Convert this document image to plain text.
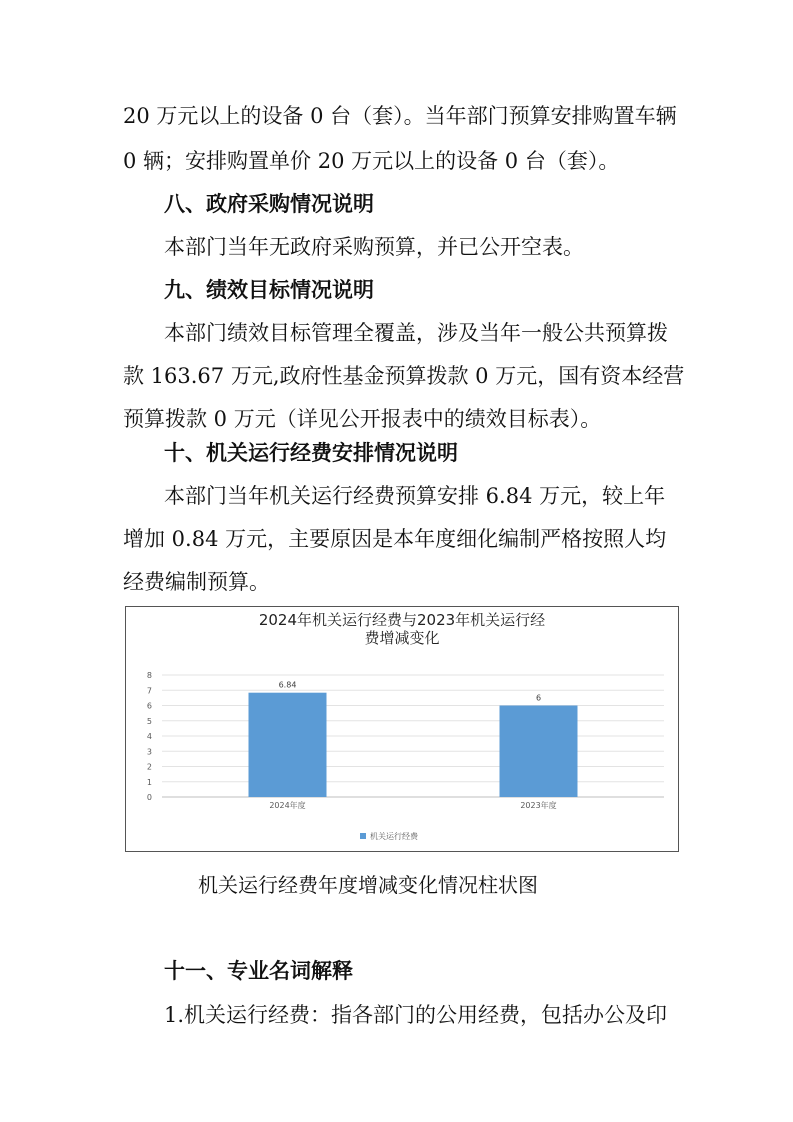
20 万元以上的设备 0 台（套）。当年部门预算安排购置车辆
0 辆；安排购置单价 20 万元以上的设备 0 台（套）。
八、政府采购情况说明
本部门当年无政府采购预算，并已公开空表。
九、绩效目标情况说明
本部门绩效目标管理全覆盖，涉及当年一般公共预算拨
款 163.67 万元,政府性基金预算拨款 0 万元，国有资本经营
预算拨款 0 万元（详见公开报表中的绩效目标表）。
十、机关运行经费安排情况说明
本部门当年机关运行经费预算安排 6.84 万元，较上年
增加 0.84 万元，主要原因是本年度细化编制严格按照人均
经费编制预算。
2024年机关运行经费与2023年机关运行经
费增减变化
0
1
2
3
4
5
6
7
8
6.84
2024年度
6
2023年度
机关运行经费
机关运行经费年度增减变化情况柱状图
十一、专业名词解释
1.机关运行经费：指各部门的公用经费，包括办公及印
